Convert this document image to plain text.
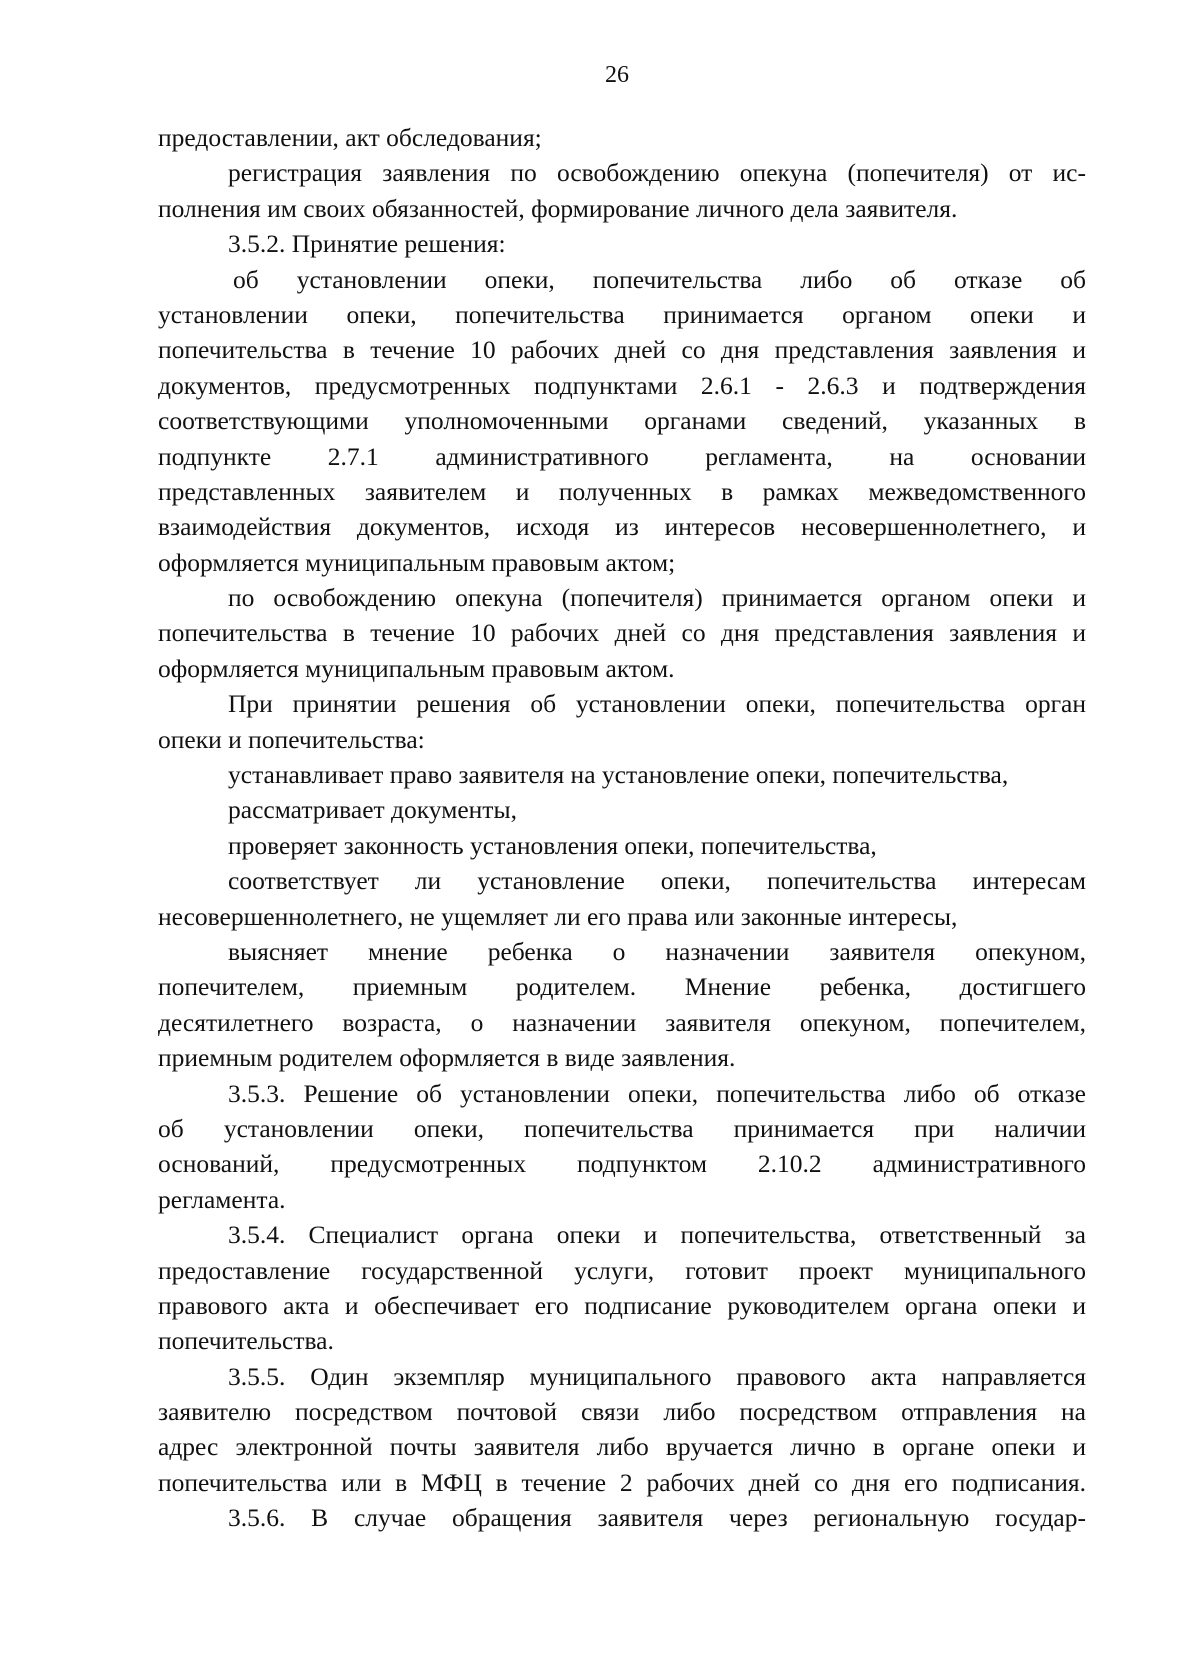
26
предоставлении, акт обследования;
регистрация заявления по освобождению опекуна (попечителя) от ис-
полнения им своих обязанностей, формирование личного дела заявителя.
3.5.2. Принятие решения:
об установлении опеки, попечительства либо об отказе об
установлении опеки, попечительства принимается органом опеки и
попечительства в течение 10 рабочих дней со дня представления заявления и
документов, предусмотренных подпунктами 2.6.1 - 2.6.3 и подтверждения
соответствующими уполномоченными органами сведений, указанных в
подпункте 2.7.1 административного регламента, на основании
представленных заявителем и полученных в рамках межведомственного
взаимодействия документов, исходя из интересов несовершеннолетнего, и
оформляется муниципальным правовым актом;
по освобождению опекуна (попечителя) принимается органом опеки и
попечительства в течение 10 рабочих дней со дня представления заявления и
оформляется муниципальным правовым актом.
При принятии решения об установлении опеки, попечительства орган
опеки и попечительства:
устанавливает право заявителя на установление опеки, попечительства,
рассматривает документы,
проверяет законность установления опеки, попечительства,
соответствует ли установление опеки, попечительства интересам
несовершеннолетнего, не ущемляет ли его права или законные интересы,
выясняет мнение ребенка о назначении заявителя опекуном,
попечителем, приемным родителем. Мнение ребенка, достигшего
десятилетнего возраста, о назначении заявителя опекуном, попечителем,
приемным родителем оформляется в виде заявления.
3.5.3. Решение об установлении опеки, попечительства либо об отказе
об установлении опеки, попечительства принимается при наличии
оснований, предусмотренных подпунктом 2.10.2 административного
регламента.
3.5.4. Специалист органа опеки и попечительства, ответственный за
предоставление государственной услуги, готовит проект муниципального
правового акта и обеспечивает его подписание руководителем органа опеки и
попечительства.
3.5.5. Один экземпляр муниципального правового акта направляется
заявителю посредством почтовой связи либо посредством отправления на
адрес электронной почты заявителя либо вручается лично в органе опеки и
попечительства или в МФЦ в течение 2 рабочих дней со дня его подписания.
3.5.6. В случае обращения заявителя через региональную государ-
